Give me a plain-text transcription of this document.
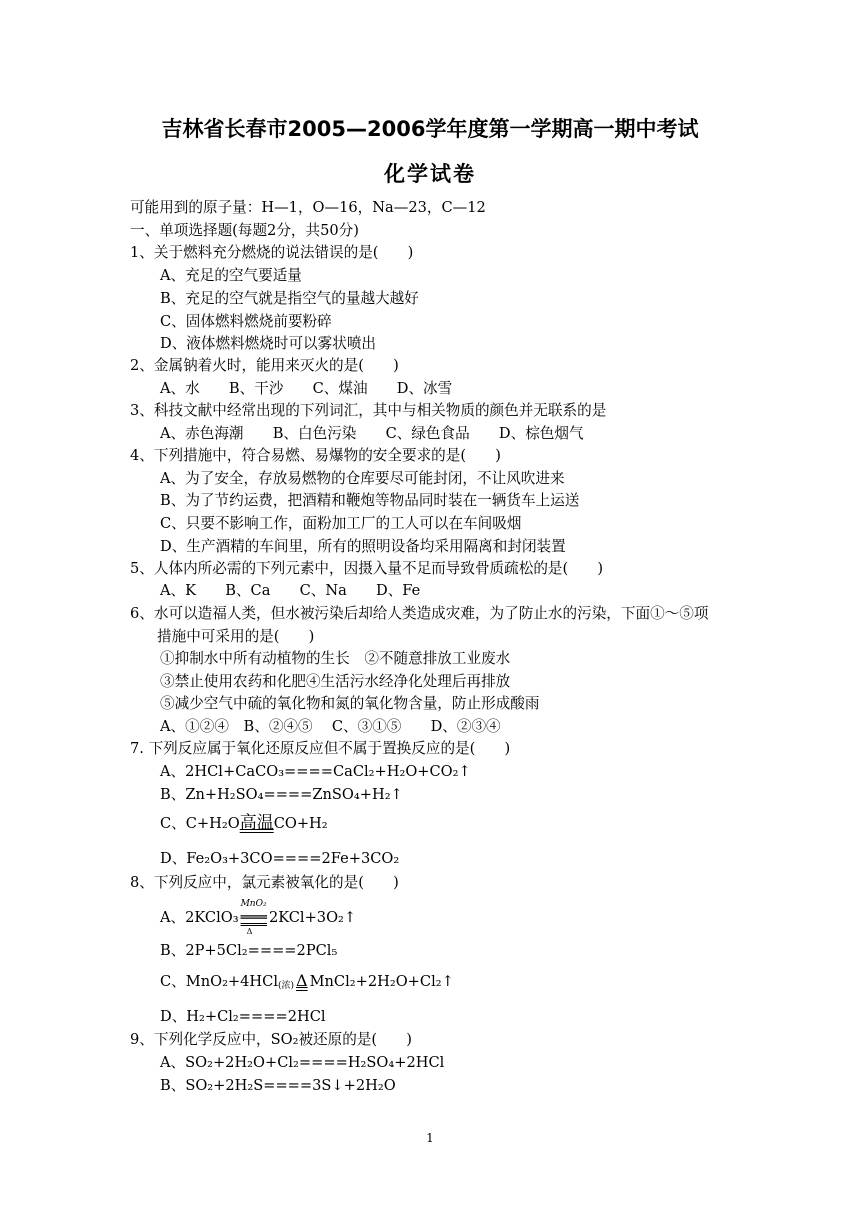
吉林省长春市2005—2006学年度第一学期高一期中考试
化学试卷
可能用到的原子量：H—1，O—16，Na—23，C—12
一、单项选择题(每题2分，共50分)
1、关于燃料充分燃烧的说法错误的是(　　)
A、充足的空气要适量
B、充足的空气就是指空气的量越大越好
C、固体燃料燃烧前要粉碎
D、液体燃料燃烧时可以雾状喷出
2、金属钠着火时，能用来灭火的是(　　)
A、水　　B、干沙　　C、煤油　　D、冰雪
3、科技文献中经常出现的下列词汇，其中与相关物质的颜色并无联系的是
A、赤色海潮　　B、白色污染　　C、绿色食品　　D、棕色烟气
4、下列措施中，符合易燃、易爆物的安全要求的是(　　)
A、为了安全，存放易燃物的仓库要尽可能封闭，不让风吹进来
B、为了节约运费，把酒精和鞭炮等物品同时装在一辆货车上运送
C、只要不影响工作，面粉加工厂的工人可以在车间吸烟
D、生产酒精的车间里，所有的照明设备均采用隔离和封闭装置
5、人体内所必需的下列元素中，因摄入量不足而导致骨质疏松的是(　　)
A、K　　B、Ca　　C、Na　　D、Fe
6、水可以造福人类，但水被污染后却给人类造成灾难，为了防止水的污染，下面①～⑤项
措施中可采用的是(　　)
①抑制水中所有动植物的生长　②不随意排放工业废水
③禁止使用农药和化肥④生活污水经净化处理后再排放
⑤减少空气中硫的氧化物和氮的氧化物含量，防止形成酸雨
A、①②④　B、②④⑤　 C、③①⑤　　D、②③④
7. 下列反应属于氧化还原反应但不属于置换反应的是(　　)
A、2HCl+CaCO₃====CaCl₂+H₂O+CO₂↑
B、Zn+H₂SO₄====ZnSO₄+H₂↑
C、C+H₂O高温CO+H₂
D、Fe₂O₃+3CO====2Fe+3CO₂
8、下列反应中，氯元素被氧化的是(　　)
A、2KClO₃
MnO₂
═══
Δ
2KCl+3O₂↑
B、2P+5Cl₂====2PCl₅
C、MnO₂+4HCl$_{(浓)}$ Δ MnCl₂+2H₂O+Cl₂↑
D、H₂+Cl₂====2HCl
9、下列化学反应中，SO₂被还原的是(　　)
A、SO₂+2H₂O+Cl₂====H₂SO₄+2HCl
B、SO₂+2H₂S====3S↓+2H₂O
1
